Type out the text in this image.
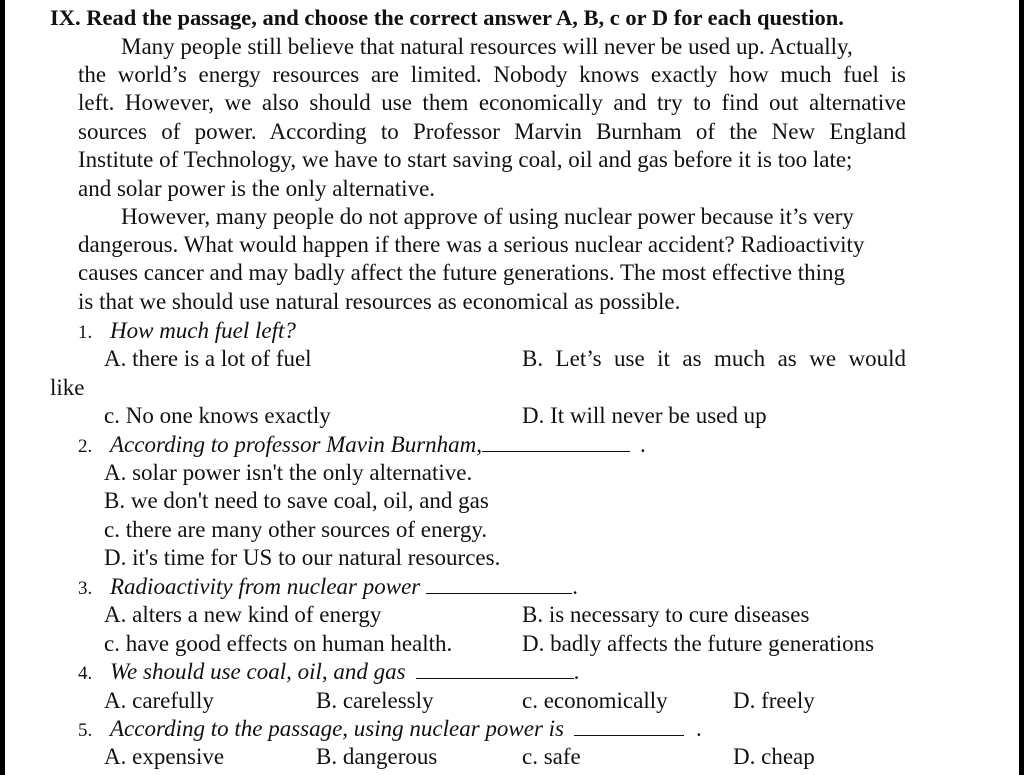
IX. Read the passage, and choose the correct answer A, B, c or D for each question.
Many people still believe that natural resources will never be used up. Actually,
the world’s energy resources are limited. Nobody knows exactly how much fuel is
left. However, we also should use them economically and try to find out alternative
sources of power. According to Professor Marvin Burnham of the New England
Institute of Technology, we have to start saving coal, oil and gas before it is too late;
and solar power is the only alternative.
However, many people do not approve of using nuclear power because it’s very
dangerous. What would happen if there was a serious nuclear accident? Radioactivity
causes cancer and may badly affect the future generations. The most effective thing
is that we should use natural resources as economical as possible.
1. How much fuel left?
A. there is a lot of fuel	B. Let’s use it as much as we would
like
c. No one knows exactly	D. It will never be used up
2. According to professor Mavin Burnham,	.
A. solar power isn't the only alternative.
B. we don't need to save coal, oil, and gas
c. there are many other sources of energy.
D. it's time for US to our natural resources.
3. Radioactivity from nuclear power	.
A. alters a new kind of energy	B. is necessary to cure diseases
c. have good effects on human health.	D. badly affects the future generations
4. We should use coal, oil, and gas	.
A. carefully	B. carelessly	c. economically	D. freely
5. According to the passage, using nuclear power is	.
A. expensive	B. dangerous	c. safe	D. cheap
